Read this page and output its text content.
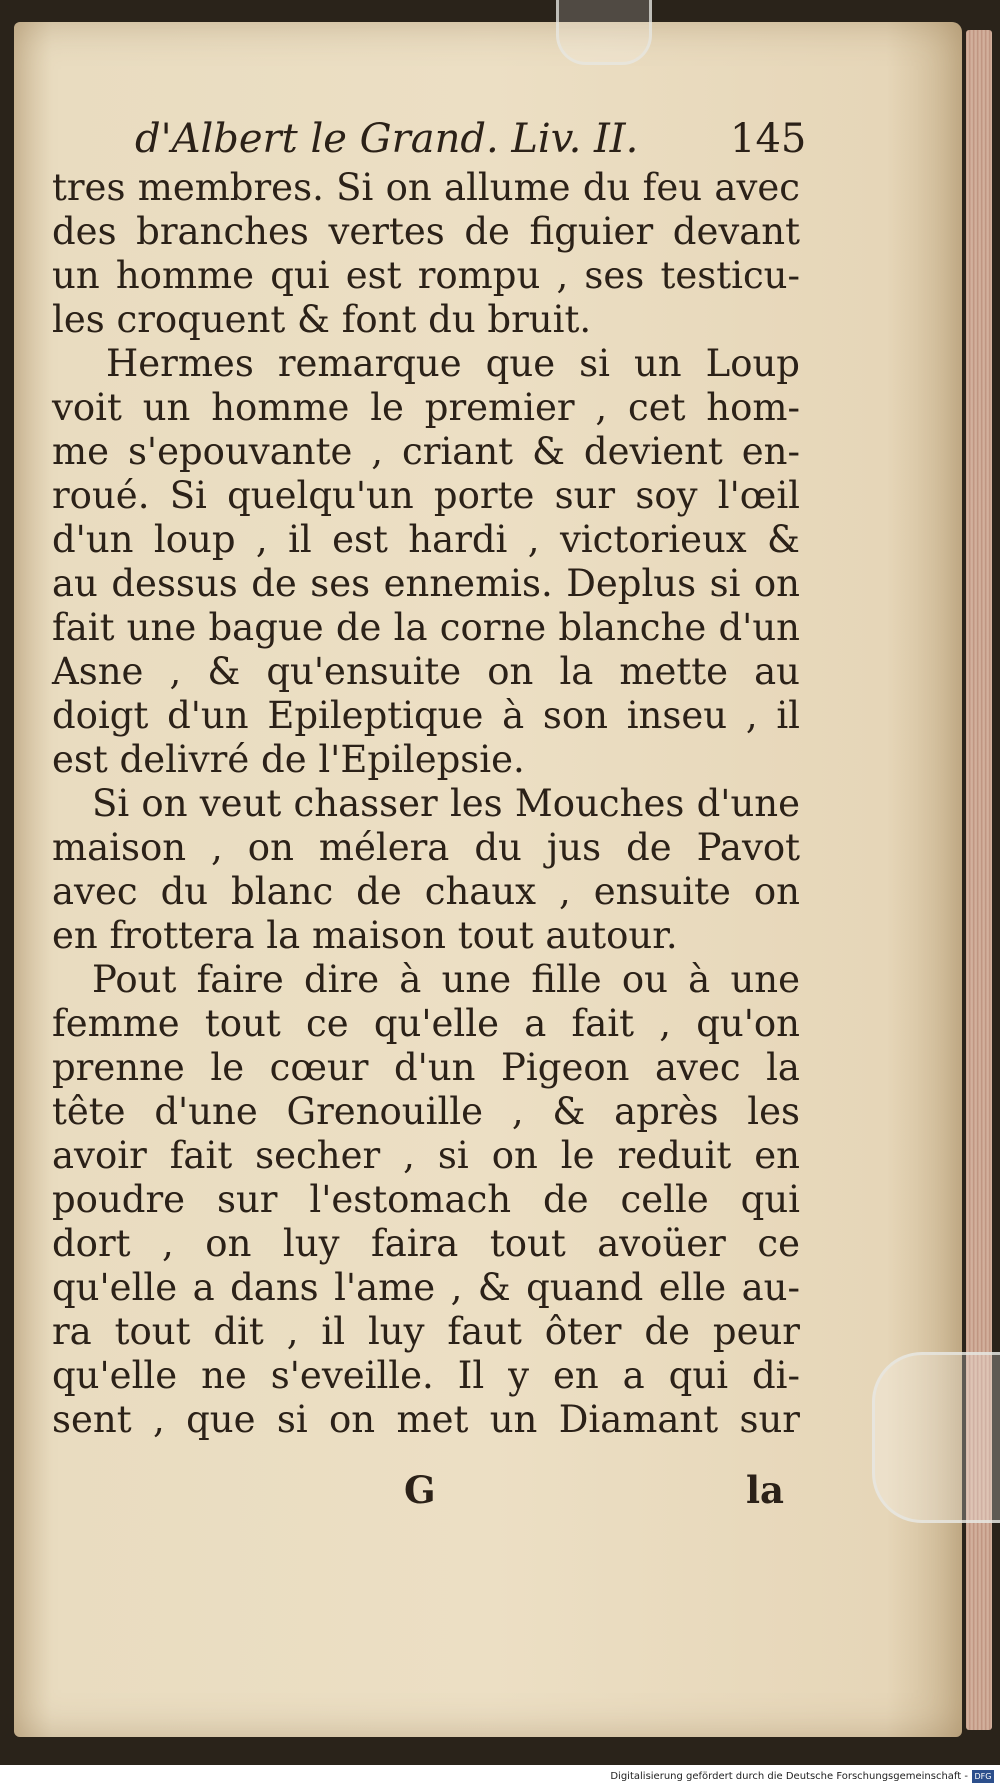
d'Albert le Grand. Liv. II. 145
tres membres. Si on allume du feu avec
des branches vertes de figuier devant
un homme qui est rompu , ses testicu-
les croquent & font du bruit.
Hermes remarque que si un Loup
voit un homme le premier , cet hom-
me s'epouvante , criant & devient en-
roué. Si quelqu'un porte sur soy l'œil
d'un loup , il est hardi , victorieux &
au dessus de ses ennemis. Deplus si on
fait une bague de la corne blanche d'un
Asne , & qu'ensuite on la mette au
doigt d'un Epileptique à son inseu , il
est delivré de l'Epilepsie.
Si on veut chasser les Mouches d'une
maison , on mélera du jus de Pavot
avec du blanc de chaux , ensuite on
en frottera la maison tout autour.
Pout faire dire à une fille ou à une
femme tout ce qu'elle a fait , qu'on
prenne le cœur d'un Pigeon avec la
tête d'une Grenouille , & après les
avoir fait secher , si on le reduit en
poudre sur l'estomach de celle qui
dort , on luy faira tout avoüer ce
qu'elle a dans l'ame , & quand elle au-
ra tout dit , il luy faut ôter de peur
qu'elle ne s'eveille. Il y en a qui di-
sent , que si on met un Diamant sur
G	la
Digitalisierung gefördert durch die Deutsche Forschungsgemeinschaft - DFG
